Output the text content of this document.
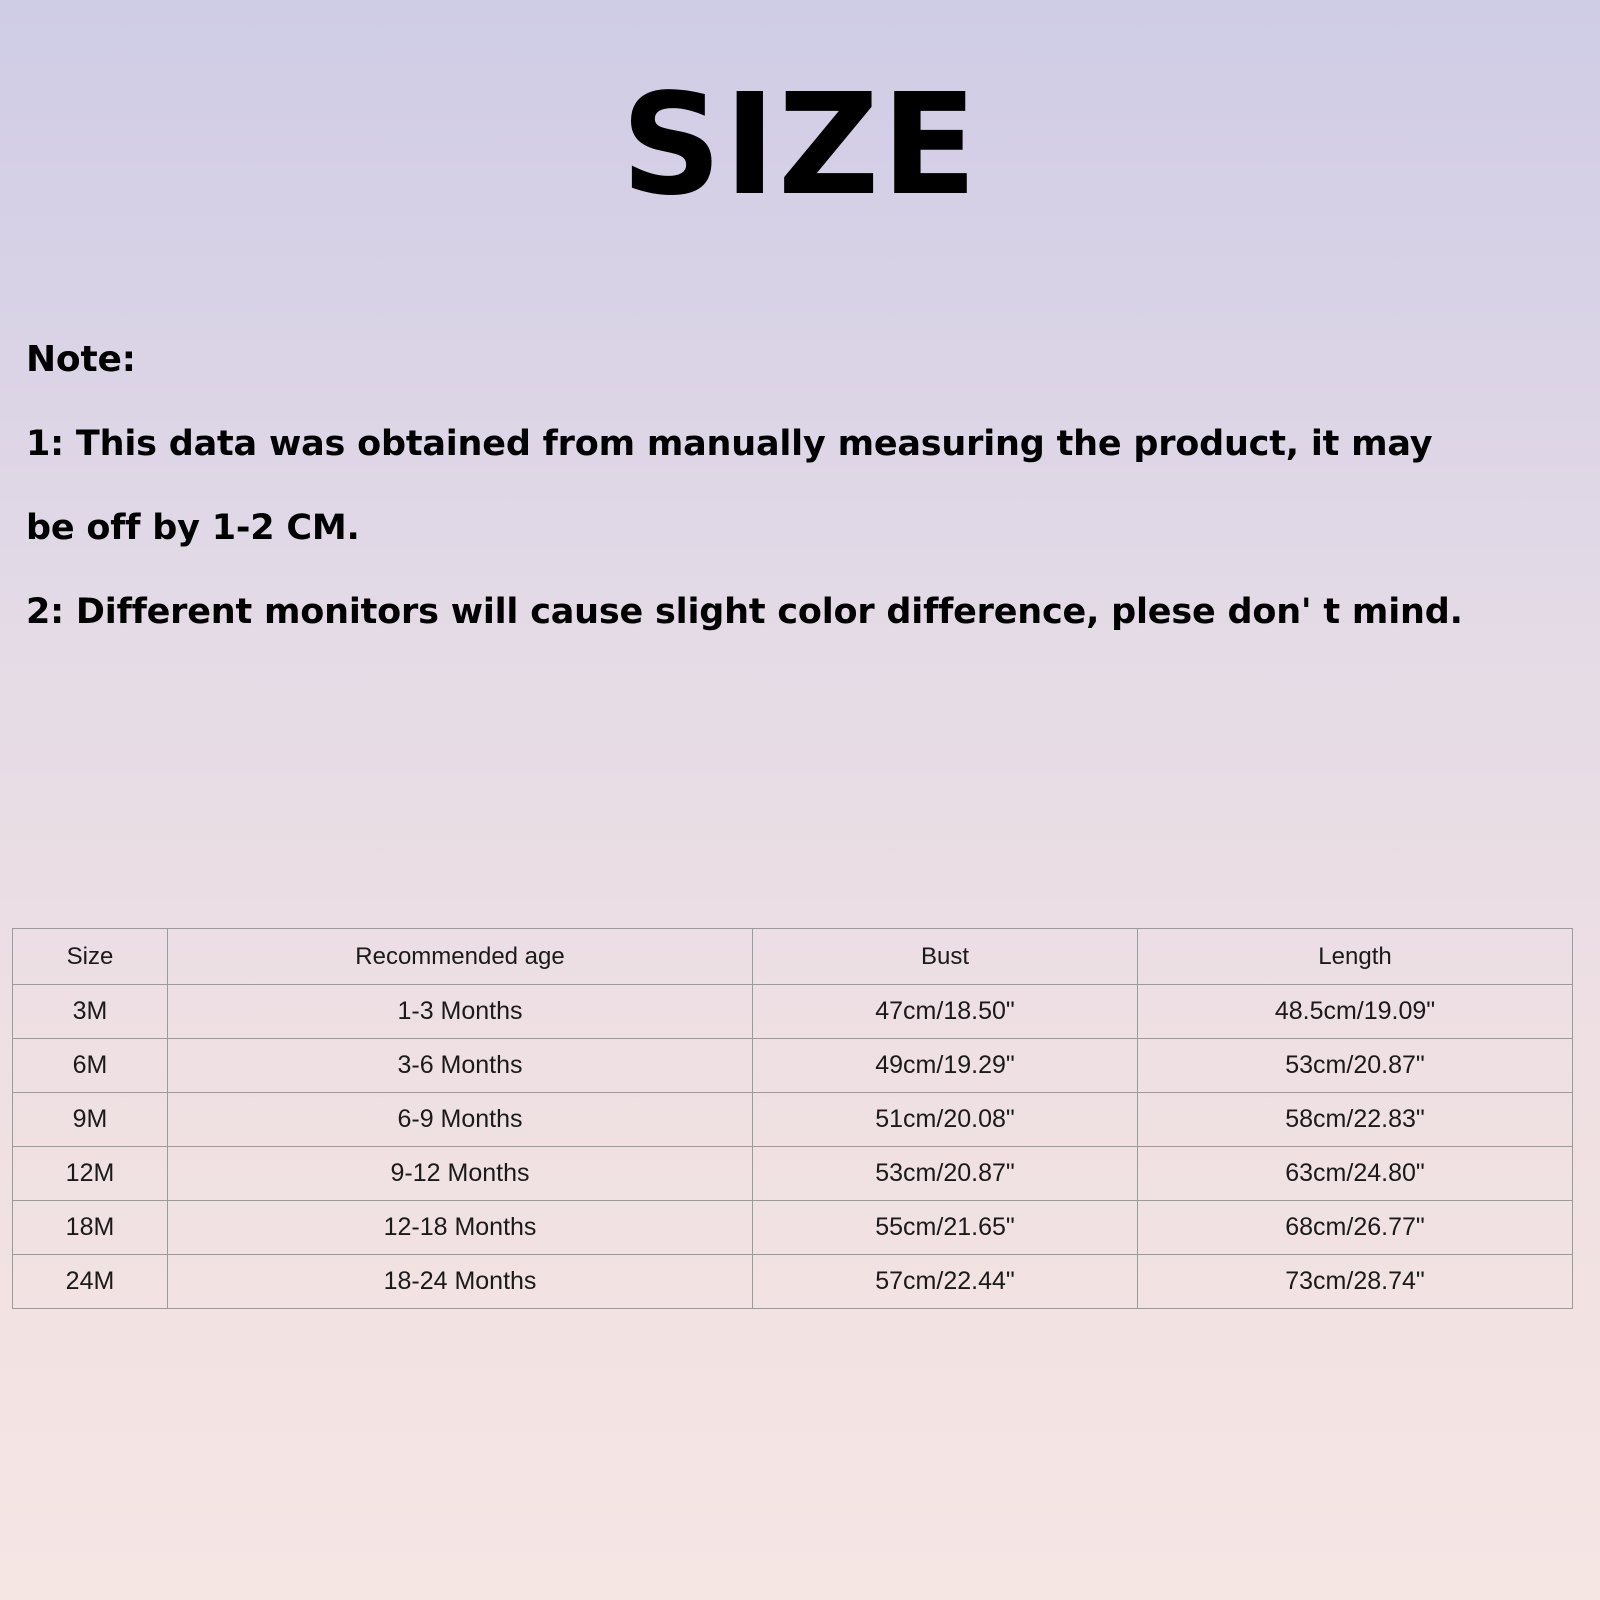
SIZE
Note:
1: This data was obtained from manually measuring the product, it may
be off by 1-2 CM.
2: Different monitors will cause slight color difference, plese don' t mind.
Size	Recommended age	Bust	Length
3M	1-3 Months	47cm/18.50"	48.5cm/19.09"
6M	3-6 Months	49cm/19.29"	53cm/20.87"
9M	6-9 Months	51cm/20.08"	58cm/22.83"
12M	9-12 Months	53cm/20.87"	63cm/24.80"
18M	12-18 Months	55cm/21.65"	68cm/26.77"
24M	18-24 Months	57cm/22.44"	73cm/28.74"
